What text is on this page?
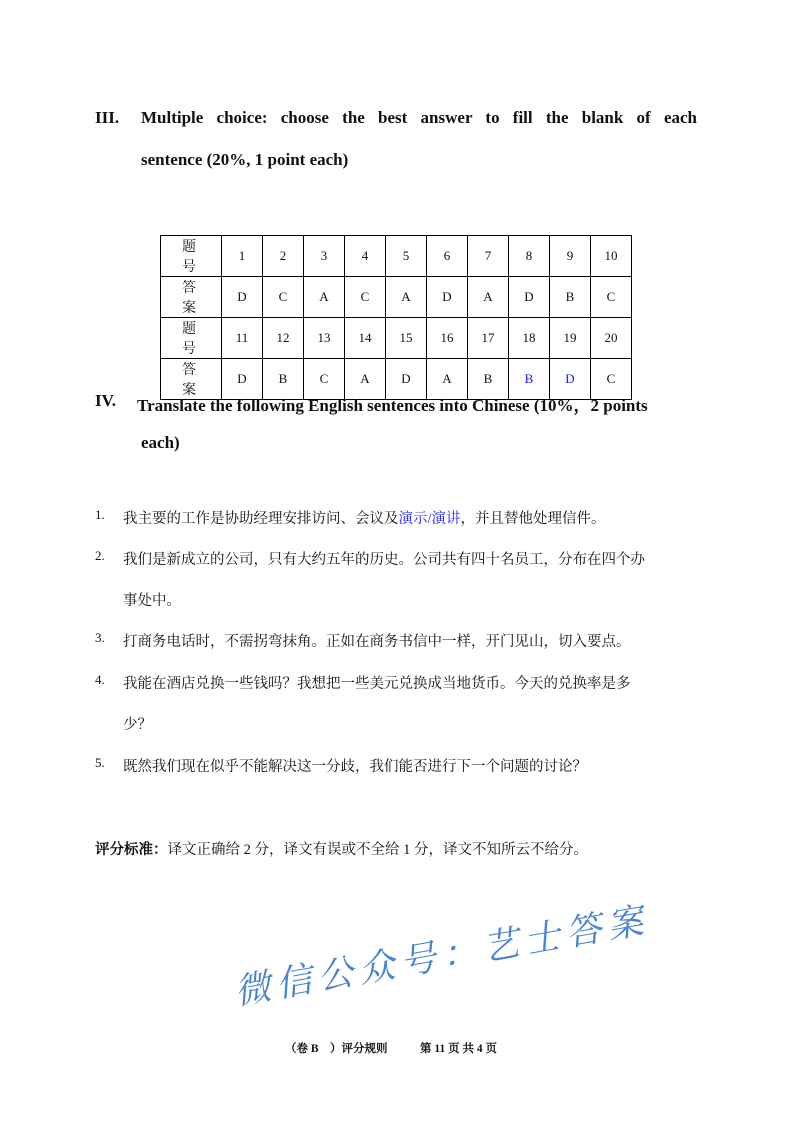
III. Multiple choice: choose the best answer to fill the blank of each
sentence (20%, 1 point each)
题 号	1	2	3	4	5	6	7	8	9	10
答 案	D	C	A	C	A	D	A	D	B	C
题 号	11	12	13	14	15	16	17	18	19	20
答 案	D	B	C	A	D	A	B	B	D	C
IV. Translate the following English sentences into Chinese (10%，2 points
each)
1. 我主要的工作是协助经理安排访问、会议及演示/演讲，并且替他处理信件。
2. 我们是新成立的公司，只有大约五年的历史。公司共有四十名员工，分布在四个办
事处中。
3. 打商务电话时，不需拐弯抹角。正如在商务书信中一样，开门见山，切入要点。
4. 我能在酒店兑换一些钱吗？我想把一些美元兑换成当地货币。今天的兑换率是多
少？
5. 既然我们现在似乎不能解决这一分歧，我们能否进行下一个问题的讨论？
评分标准：译文正确给 2 分，译文有误或不全给 1 分，译文不知所云不给分。
微信公众号：艺士答案
（卷 B　）评分规则	第 11 页 共 4 页
